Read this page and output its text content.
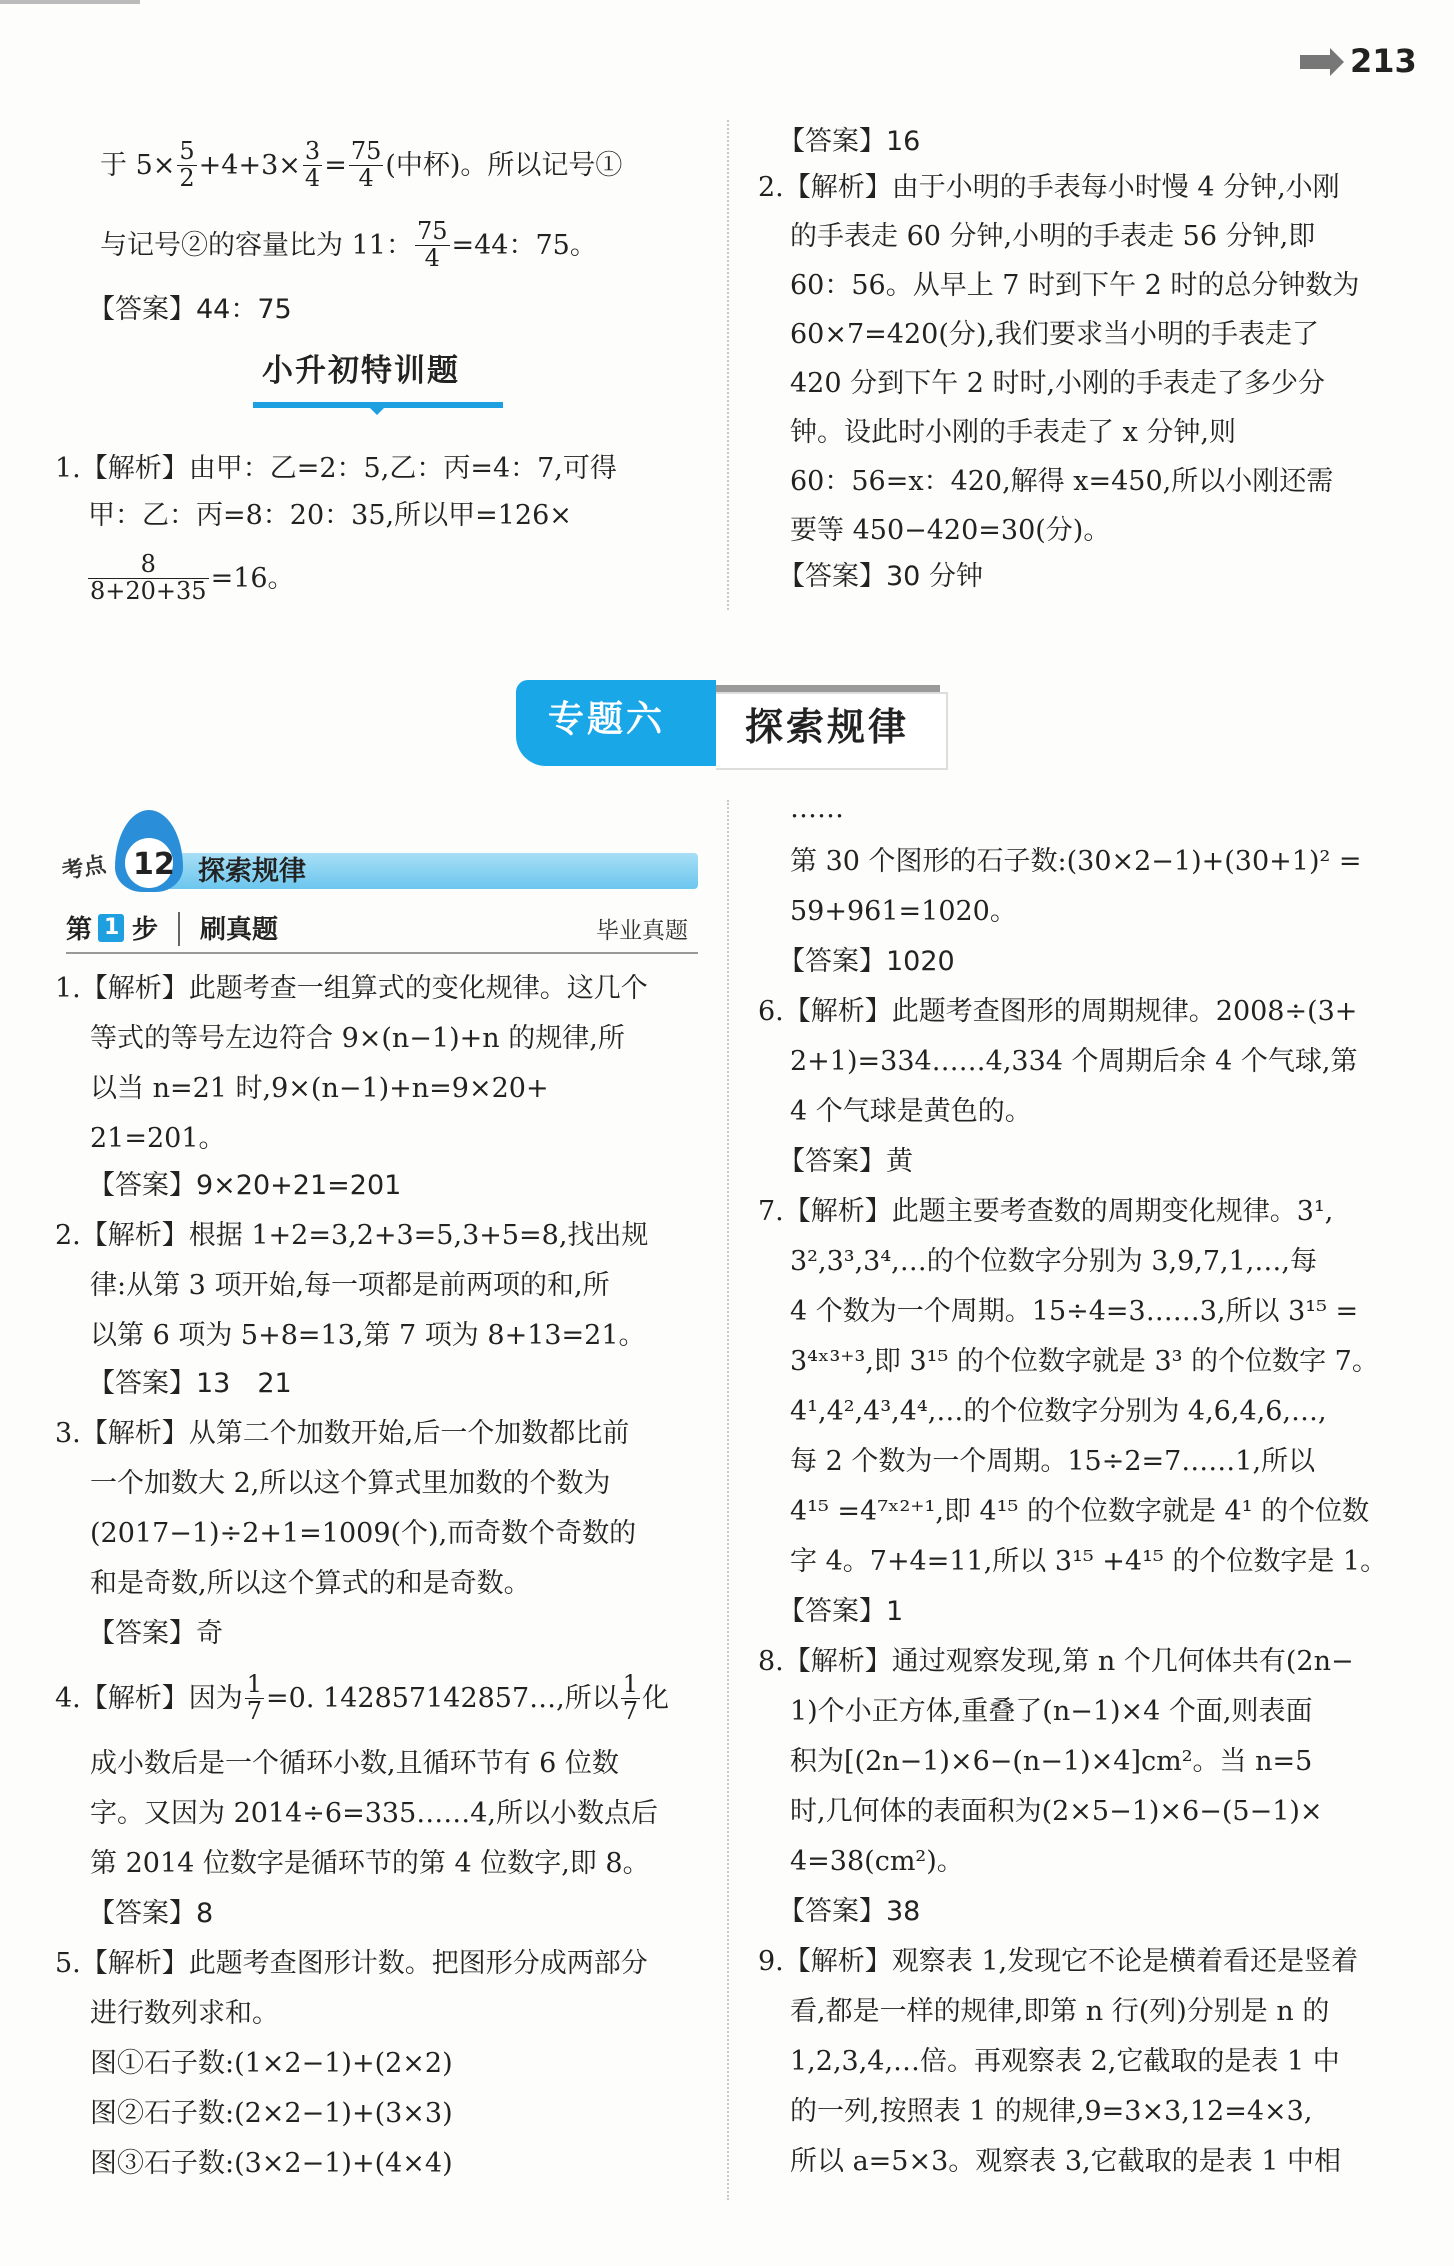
213
于 $5\times \frac{5}{2} +4+3\times \frac{3}{4} = \frac{75}{4}$ (中杯)。所以记号①
与记号②的容量比为 11： $\frac{75}{4} =44$：75。
【答案】44：75
小升初特训题
1.【解析】由甲：乙=2：5,乙：丙=4：7,可得
甲：乙：丙=8：20：35,所以甲=126×
$\frac{8}{8+20+35} =16$。
【答案】16
2.【解析】由于小明的手表每小时慢 4 分钟,小刚
的手表走 60 分钟,小明的手表走 56 分钟,即
60：56。从早上 7 时到下午 2 时的总分钟数为
60×7=420(分),我们要求当小明的手表走了
420 分到下午 2 时时,小刚的手表走了多少分
钟。设此时小刚的手表走了 x 分钟,则
60：56=x：420,解得 x=450,所以小刚还需
要等 450−420=30(分)。
【答案】30 分钟
专题六 探索规律
12
考点	探索规律
第 1 步 刷真题	毕业真题
1.【解析】此题考查一组算式的变化规律。这几个
等式的等号左边符合 9×(n−1)+n 的规律,所
以当 n=21 时,9×(n−1)+n=9×20+
21=201。
【答案】9×20+21=201
2.【解析】根据 1+2=3,2+3=5,3+5=8,找出规
律:从第 3 项开始,每一项都是前两项的和,所
以第 6 项为 5+8=13,第 7 项为 8+13=21。
【答案】13　21
3.【解析】从第二个加数开始,后一个加数都比前
一个加数大 2,所以这个算式里加数的个数为
(2017−1)÷2+1=1009(个),而奇数个奇数的
和是奇数,所以这个算式的和是奇数。
【答案】奇
4.【解析】因为 $\frac{1}{7} =0$. 142857142857…,所以 $\frac{1}{7}$ 化
成小数后是一个循环小数,且循环节有 6 位数
字。又因为 2014÷6=335……4,所以小数点后
第 2014 位数字是循环节的第 4 位数字,即 8。
【答案】8
5.【解析】此题考查图形计数。把图形分成两部分
进行数列求和。
图①石子数:(1×2−1)+(2×2)
图②石子数:(2×2−1)+(3×3)
图③石子数:(3×2−1)+(4×4)
……
第 30 个图形的石子数:(30×2−1)+(30+1)² =
59+961=1020。
【答案】1020
6.【解析】此题考查图形的周期规律。2008÷(3+
2+1)=334……4,334 个周期后余 4 个气球,第
4 个气球是黄色的。
【答案】黄
7.【解析】此题主要考查数的周期变化规律。3¹,
3²,3³,3⁴,…的个位数字分别为 3,9,7,1,…,每
4 个数为一个周期。15÷4=3……3,所以 3¹⁵ =
3⁴ˣ³⁺³,即 3¹⁵ 的个位数字就是 3³ 的个位数字 7。
4¹,4²,4³,4⁴,…的个位数字分别为 4,6,4,6,…,
每 2 个数为一个周期。15÷2=7……1,所以
4¹⁵ =4⁷ˣ²⁺¹,即 4¹⁵ 的个位数字就是 4¹ 的个位数
字 4。7+4=11,所以 3¹⁵ +4¹⁵ 的个位数字是 1。
【答案】1
8.【解析】通过观察发现,第 n 个几何体共有(2n−
1)个小正方体,重叠了(n−1)×4 个面,则表面
积为[(2n−1)×6−(n−1)×4]cm²。当 n=5
时,几何体的表面积为(2×5−1)×6−(5−1)×
4=38(cm²)。
【答案】38
9.【解析】观察表 1,发现它不论是横着看还是竖着
看,都是一样的规律,即第 n 行(列)分别是 n 的
1,2,3,4,…倍。再观察表 2,它截取的是表 1 中
的一列,按照表 1 的规律,9=3×3,12=4×3,
所以 a=5×3。观察表 3,它截取的是表 1 中相
